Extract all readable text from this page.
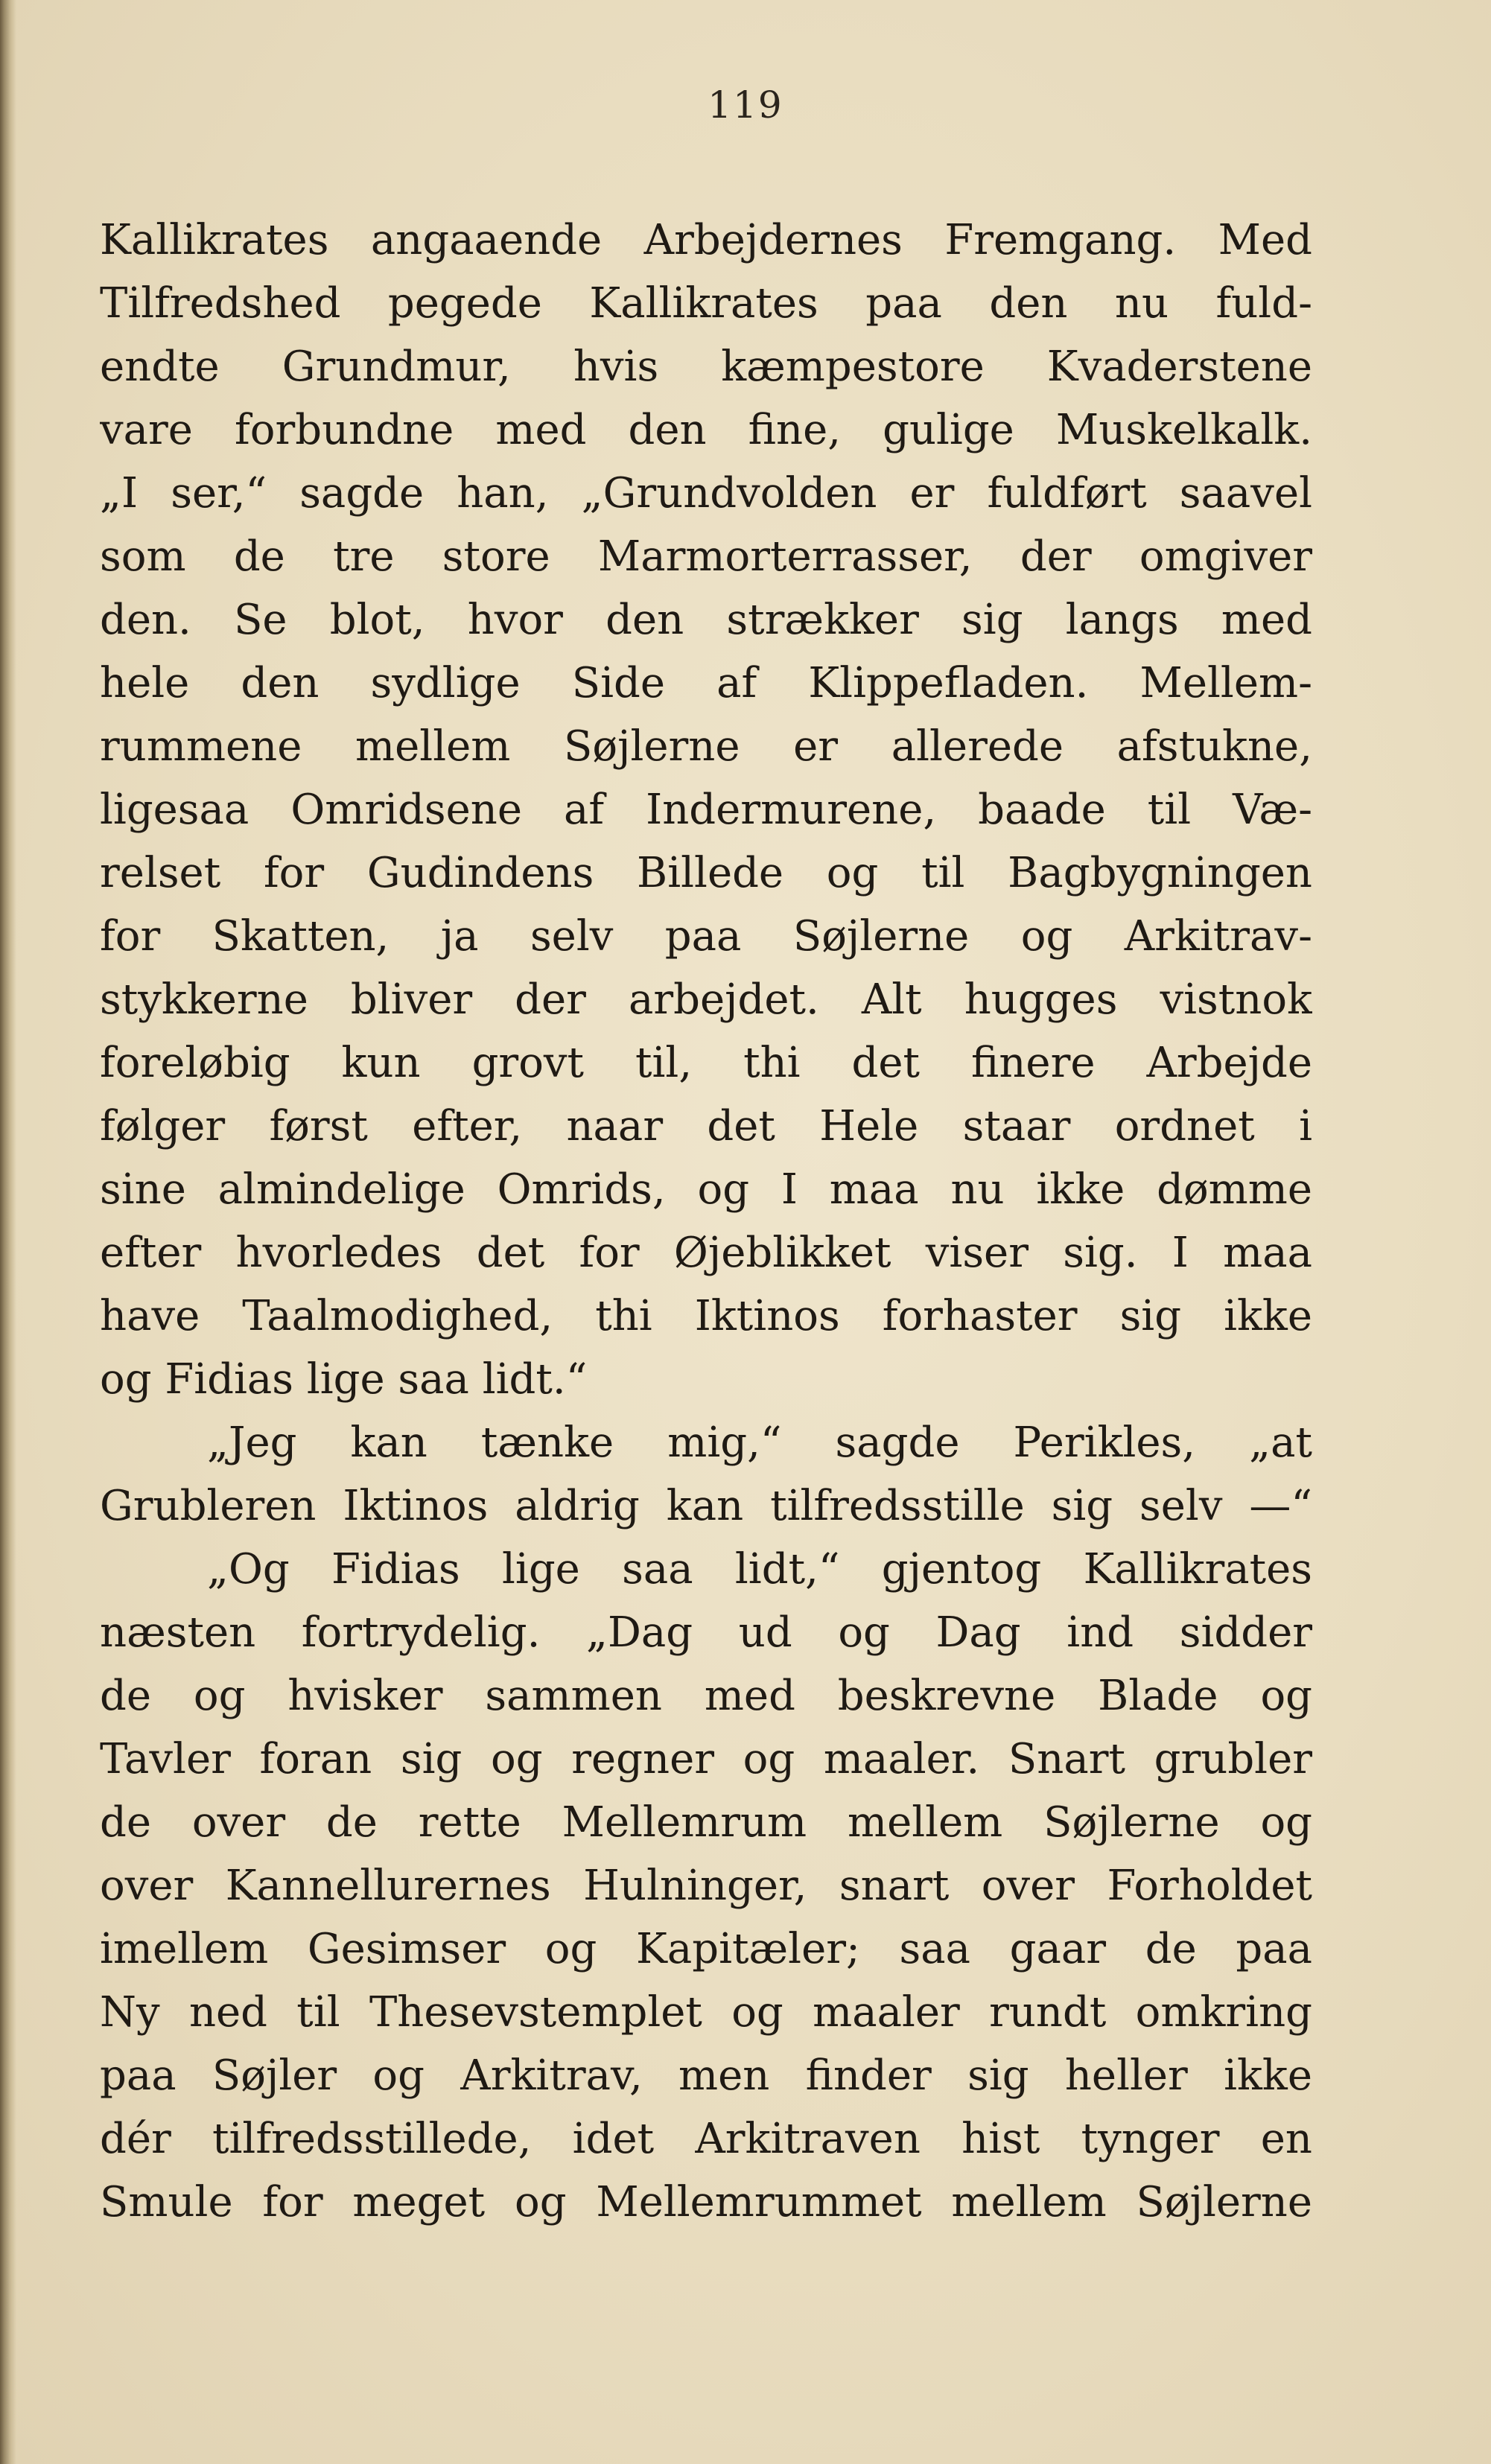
119
Kallikrates angaaende Arbejdernes Fremgang. Med
Tilfredshed pegede Kallikrates paa den nu fuld-
endte Grundmur, hvis kæmpestore Kvaderstene
vare forbundne med den fine, gulige Muskelkalk.
„I ser,“ sagde han, „Grundvolden er fuldført saavel
som de tre store Marmorterrasser, der omgiver
den. Se blot, hvor den strækker sig langs med
hele den sydlige Side af Klippefladen. Mellem-
rummene mellem Søjlerne er allerede afstukne,
ligesaa Omridsene af Indermurene, baade til Væ-
relset for Gudindens Billede og til Bagbygningen
for Skatten, ja selv paa Søjlerne og Arkitrav-
stykkerne bliver der arbejdet. Alt hugges vistnok
foreløbig kun grovt til, thi det finere Arbejde
følger først efter, naar det Hele staar ordnet i
sine almindelige Omrids, og I maa nu ikke dømme
efter hvorledes det for Øjeblikket viser sig. I maa
have Taalmodighed, thi Iktinos forhaster sig ikke
og Fidias lige saa lidt.“
„Jeg kan tænke mig,“ sagde Perikles, „at
Grubleren Iktinos aldrig kan tilfredsstille sig selv —“
„Og Fidias lige saa lidt,“ gjentog Kallikrates
næsten fortrydelig. „Dag ud og Dag ind sidder
de og hvisker sammen med beskrevne Blade og
Tavler foran sig og regner og maaler. Snart grubler
de over de rette Mellemrum mellem Søjlerne og
over Kannellurernes Hulninger, snart over Forholdet
imellem Gesimser og Kapitæler; saa gaar de paa
Ny ned til Thesevstemplet og maaler rundt omkring
paa Søjler og Arkitrav, men finder sig heller ikke
dér tilfredsstillede, idet Arkitraven hist tynger en
Smule for meget og Mellemrummet mellem Søjlerne
